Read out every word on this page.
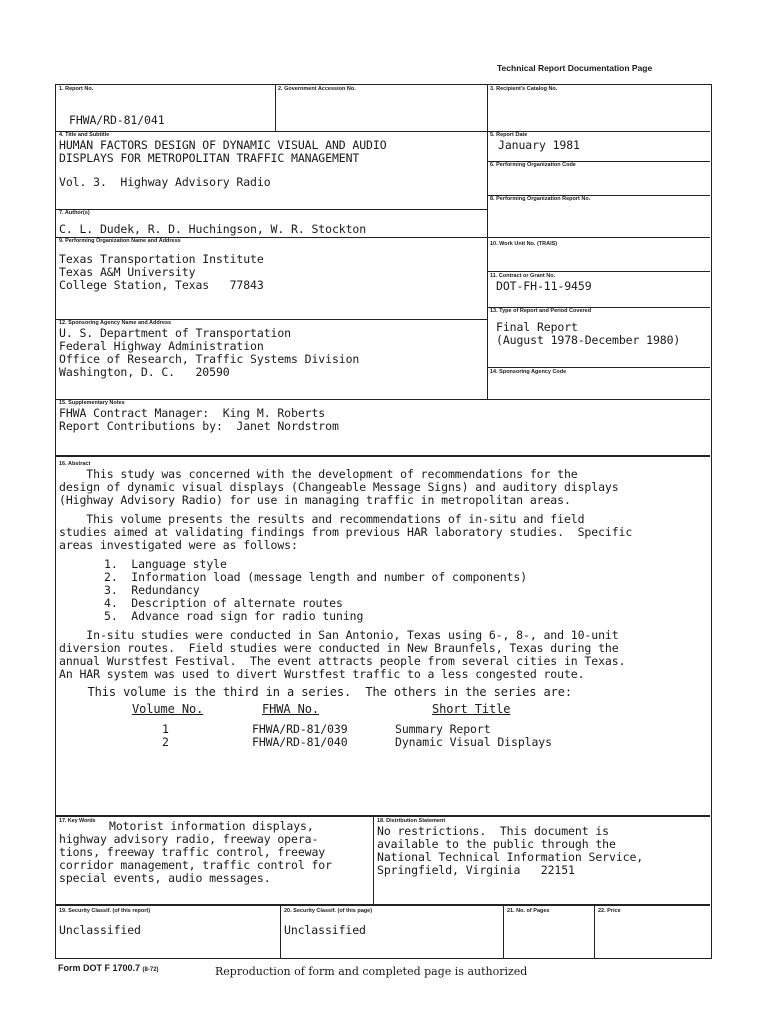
Technical Report Documentation Page
1. Report No.
FHWA/RD-81/041
2. Government Accession No.	3. Recipient's Catalog No.
4. Title and Subtitle
HUMAN FACTORS DESIGN OF DYNAMIC VISUAL AND AUDIO
DISPLAYS FOR METROPOLITAN TRAFFIC MANAGEMENT
Vol. 3.  Highway Advisory Radio
5. Report Date
January 1981
6. Performing Organization Code
8. Performing Organization Report No.
7. Author(s)
C. L. Dudek, R. D. Huchingson, W. R. Stockton
9. Performing Organization Name and Address
Texas Transportation Institute
Texas A&M University
College Station, Texas   77843
10. Work Unit No. (TRAIS)
11. Contract or Grant No.
DOT-FH-11-9459
13. Type of Report and Period Covered
Final Report
(August 1978-December 1980)
14. Sponsoring Agency Code
12. Sponsoring Agency Name and Address
U. S. Department of Transportation
Federal Highway Administration
Office of Research, Traffic Systems Division
Washington, D. C.   20590
15. Supplementary Notes
FHWA Contract Manager:  King M. Roberts
Report Contributions by:  Janet Nordstrom
16. Abstract

This study was concerned with the development of recommendations for the

design of dynamic visual displays (Changeable Message Signs) and auditory displays

(Highway Advisory Radio) for use in managing traffic in metropolitan areas.

This volume presents the results and recommendations of in-situ and field

studies aimed at validating findings from previous HAR laboratory studies.  Specific

areas investigated were as follows:

1.  Language style
2.  Information load (message length and number of components)
3.  Redundancy
4.  Description of alternate routes
5.  Advance road sign for radio tuning

In-situ studies were conducted in San Antonio, Texas using 6-, 8-, and 10-unit

diversion routes.  Field studies were conducted in New Braunfels, Texas during the

annual Wurstfest Festival.  The event attracts people from several cities in Texas.

An HAR system was used to divert Wurstfest traffic to a less congested route.

This volume is the third in a series.  The others in the series are:

Volume No.	FHWA No.	Short Title
1	FHWA/RD-81/039	Summary Report
2	FHWA/RD-81/040	Dynamic Visual Displays
17. Key Words	Motorist information displays,
highway advisory radio, freeway opera-
tions, freeway traffic control, freeway
corridor management, traffic control for
special events, audio messages.
18. Distribution Statement
No restrictions.  This document is
available to the public through the
National Technical Information Service,
Springfield, Virginia   22151
19. Security Classif. (of this report)
Unclassified
20. Security Classif. (of this page)
Unclassified
21. No. of Pages	22. Price
Form DOT F 1700.7 (8-72)	Reproduction of form and completed page is authorized
